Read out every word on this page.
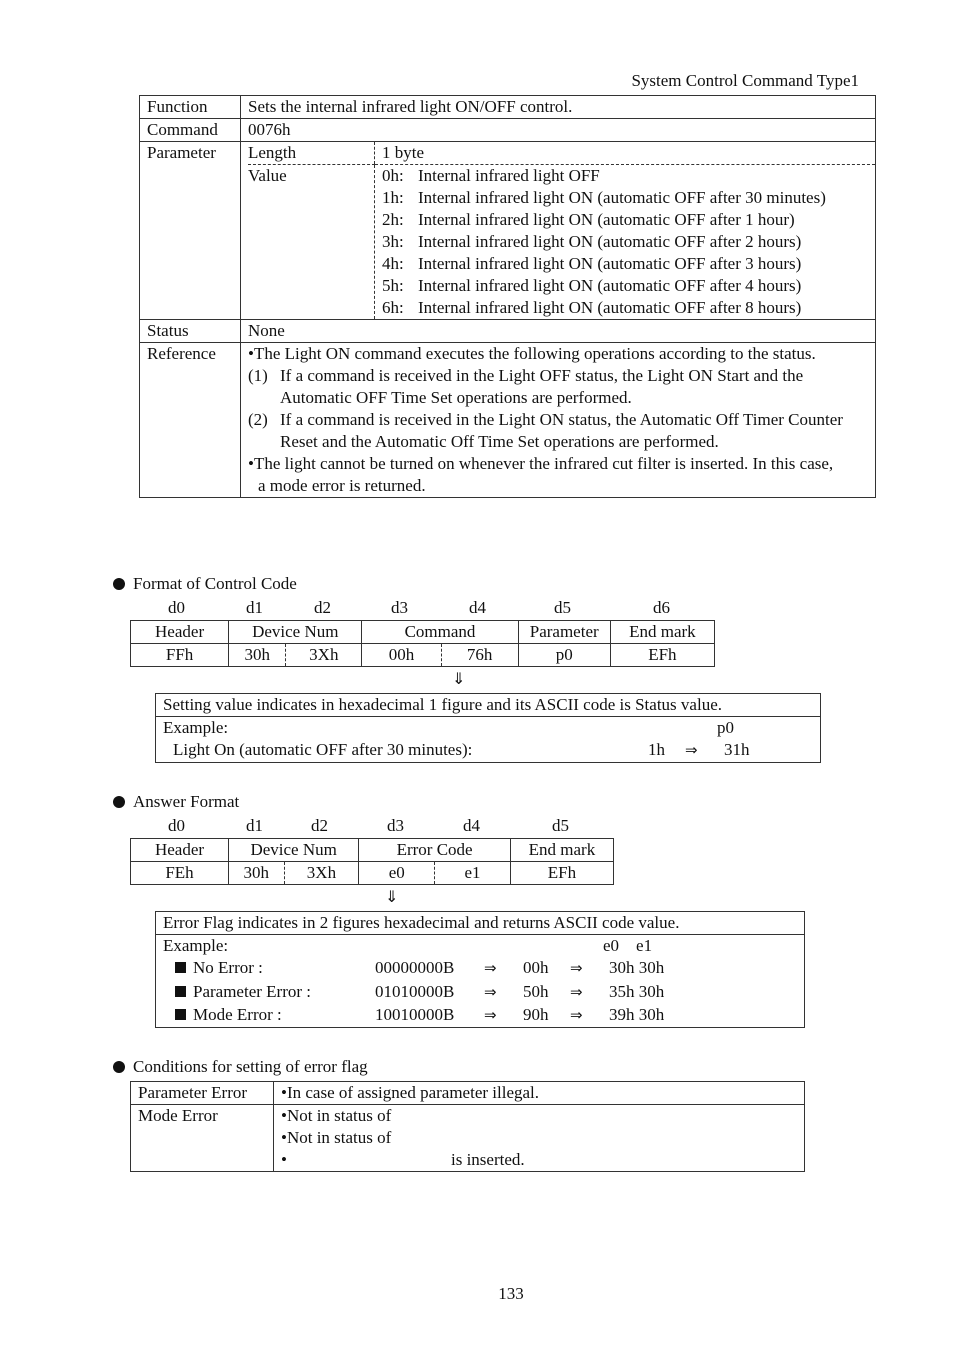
System Control Command Type1
Function	Sets the internal infrared light ON/OFF control.
Command	0076h
Parameter	Length	1 byte
Value	0h: Internal infrared light OFF
1h: Internal infrared light ON (automatic OFF after 30 minutes)
2h: Internal infrared light ON (automatic OFF after 1 hour)
3h: Internal infrared light ON (automatic OFF after 2 hours)
4h: Internal infrared light ON (automatic OFF after 3 hours)
5h: Internal infrared light ON (automatic OFF after 4 hours)
6h: Internal infrared light ON (automatic OFF after 8 hours)

Status	None
Reference	•The Light ON command executes the following operations according to the status.
(1) If a command is received in the Light OFF status, the Light ON Start and the Automatic OFF Time Set operations are performed.
(2) If a command is received in the Light ON status, the Automatic Off Timer Counter Reset and the Automatic Off Time Set operations are performed.
•The light cannot be turned on whenever the infrared cut filter is inserted. In this case, a mode error is returned.
Format of Control Code
d0	d1	d2	d3	d4	d5	d6
Header	Device Num		Command		Parameter	End mark
FFh	30h	3Xh	00h	76h	p0	EFh
⇓
Setting value indicates in hexadecimal 1 figure and its ASCII code is Status value.
Example:	p0
Light On (automatic OFF after 30 minutes):	1h ⇒ 31h
Answer Format
d0	d1	d2	d3	d4	d5
Header	Device Num		Error Code		End mark
FEh	30h	3Xh	e0	e1	EFh
⇓
Error Flag indicates in 2 figures hexadecimal and returns ASCII code value.
Example:	e0    e1
No Error :	00000000B ⇒ 00h ⇒ 30h 30h
Parameter Error :	01010000B ⇒ 50h ⇒ 35h 30h
Mode Error :	10010000B ⇒ 90h ⇒ 39h 30h
Conditions for setting of error flag
Parameter Error	•In case of assigned parameter illegal.
Mode Error	•Not in status of
•Not in status of
• is inserted.
133
